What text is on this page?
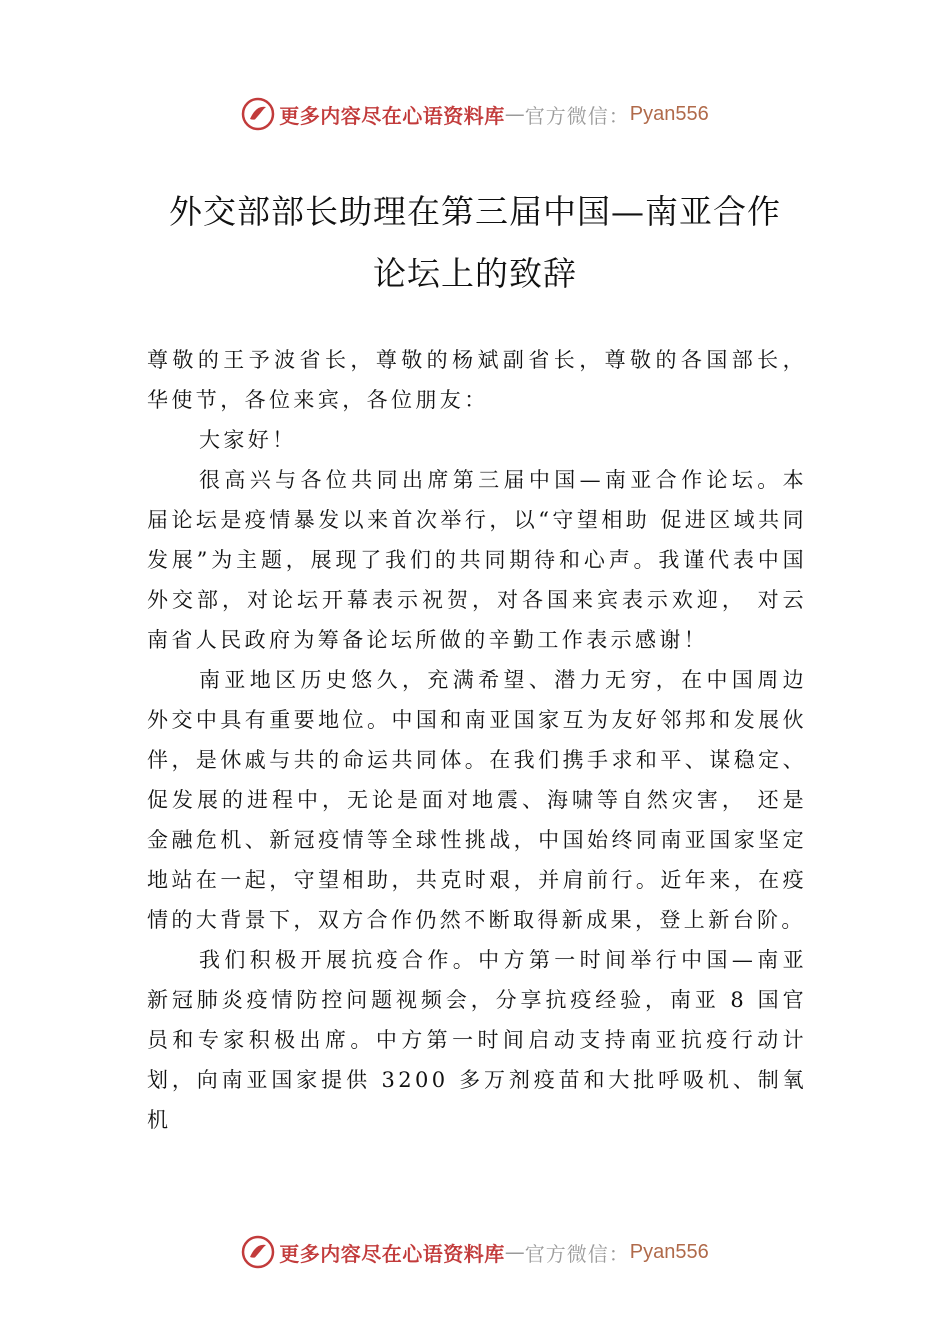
更多内容尽在心语资料库 — 官方微信： Pyan556
外交部部长助理在第三届中国—南亚合作
论坛上的致辞

尊敬的王予波省长，尊敬的杨斌副省长，尊敬的各国部长， 华使节，各位来宾，各位朋友：

大家好！

很高兴与各位共同出席第三届中国—南亚合作论坛。本届论坛是疫情暴发以来首次举行，以“守望相助 促进区域共同发展”为主题，展现了我们的共同期待和心声。我谨代表中国外交部，对论坛开幕表示祝贺，对各国来宾表示欢迎， 对云南省人民政府为筹备论坛所做的辛勤工作表示感谢！

南亚地区历史悠久，充满希望、潜力无穷，在中国周边外交中具有重要地位。中国和南亚国家互为友好邻邦和发展伙伴，是休戚与共的命运共同体。在我们携手求和平、谋稳定、促发展的进程中，无论是面对地震、海啸等自然灾害， 还是金融危机、新冠疫情等全球性挑战，中国始终同南亚国家坚定地站在一起，守望相助，共克时艰，并肩前行。近年来，在疫情的大背景下，双方合作仍然不断取得新成果，登上新台阶。

我们积极开展抗疫合作。中方第一时间举行中国—南亚新冠肺炎疫情防控问题视频会，分享抗疫经验，南亚 8 国官员和专家积极出席。中方第一时间启动支持南亚抗疫行动计划，向南亚国家提供 3200 多万剂疫苗和大批呼吸机、制氧机

更多内容尽在心语资料库 — 官方微信： Pyan556
